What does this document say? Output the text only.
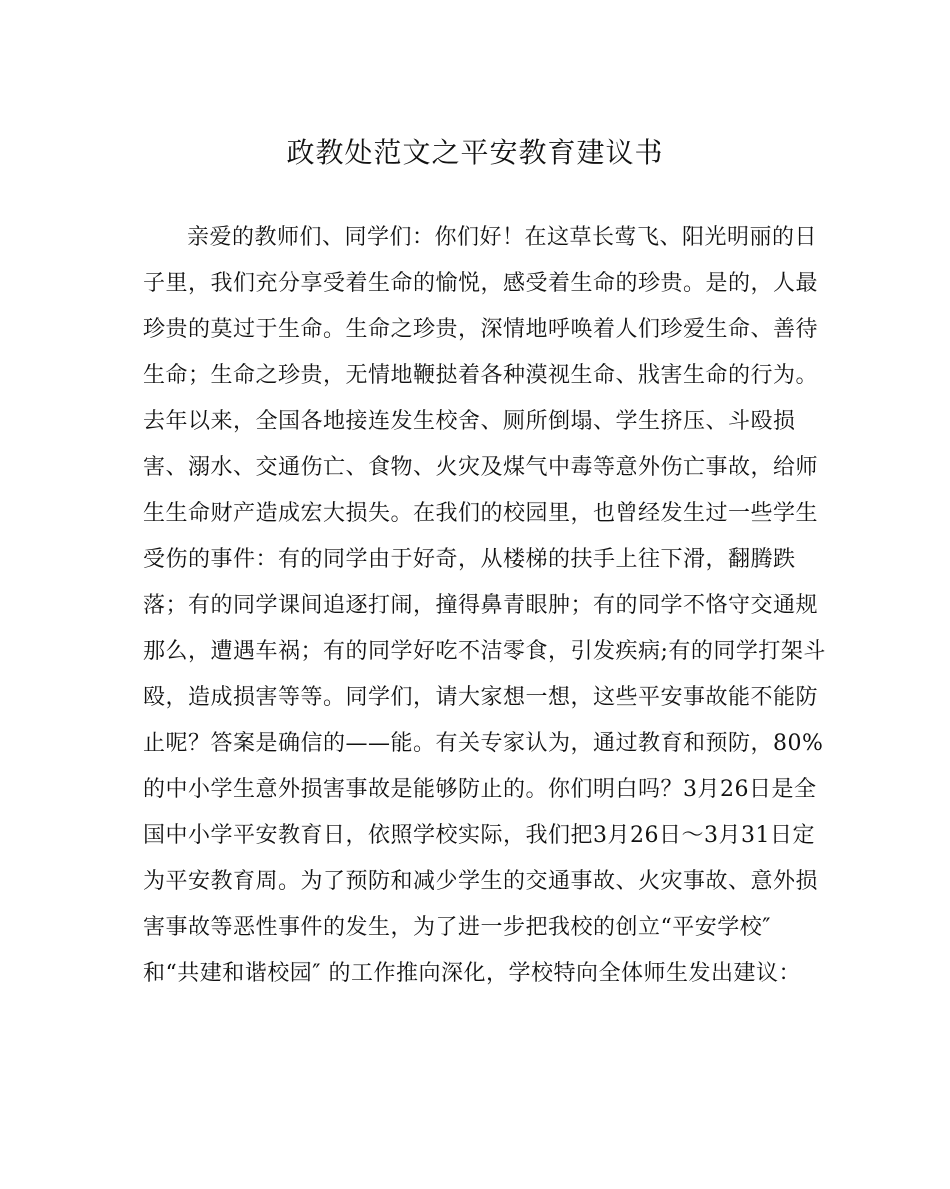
政教处范文之平安教育建议书
亲爱的教师们、同学们：你们好！在这草长莺飞、阳光明丽的日
子里，我们充分享受着生命的愉悦，感受着生命的珍贵。是的，人最
珍贵的莫过于生命。生命之珍贵，深情地呼唤着人们珍爱生命、善待
生命；生命之珍贵，无情地鞭挞着各种漠视生命、戕害生命的行为。
去年以来，全国各地接连发生校舍、厕所倒塌、学生挤压、斗殴损
害、溺水、交通伤亡、食物、火灾及煤气中毒等意外伤亡事故，给师
生生命财产造成宏大损失。在我们的校园里，也曾经发生过一些学生
受伤的事件：有的同学由于好奇，从楼梯的扶手上往下滑，翻腾跌
落；有的同学课间追逐打闹，撞得鼻青眼肿；有的同学不恪守交通规
那么，遭遇车祸；有的同学好吃不洁零食，引发疾病;有的同学打架斗
殴，造成损害等等。同学们，请大家想一想，这些平安事故能不能防
止呢？答案是确信的——能。有关专家认为，通过教育和预防，80%
的中小学生意外损害事故是能够防止的。你们明白吗？3月26日是全
国中小学平安教育日，依照学校实际，我们把3月26日～3月31日定
为平安教育周。为了预防和减少学生的交通事故、火灾事故、意外损
害事故等恶性事件的发生，为了进一步把我校的创立“平安学校″
和“共建和谐校园″ 的工作推向深化，学校特向全体师生发出建议：
